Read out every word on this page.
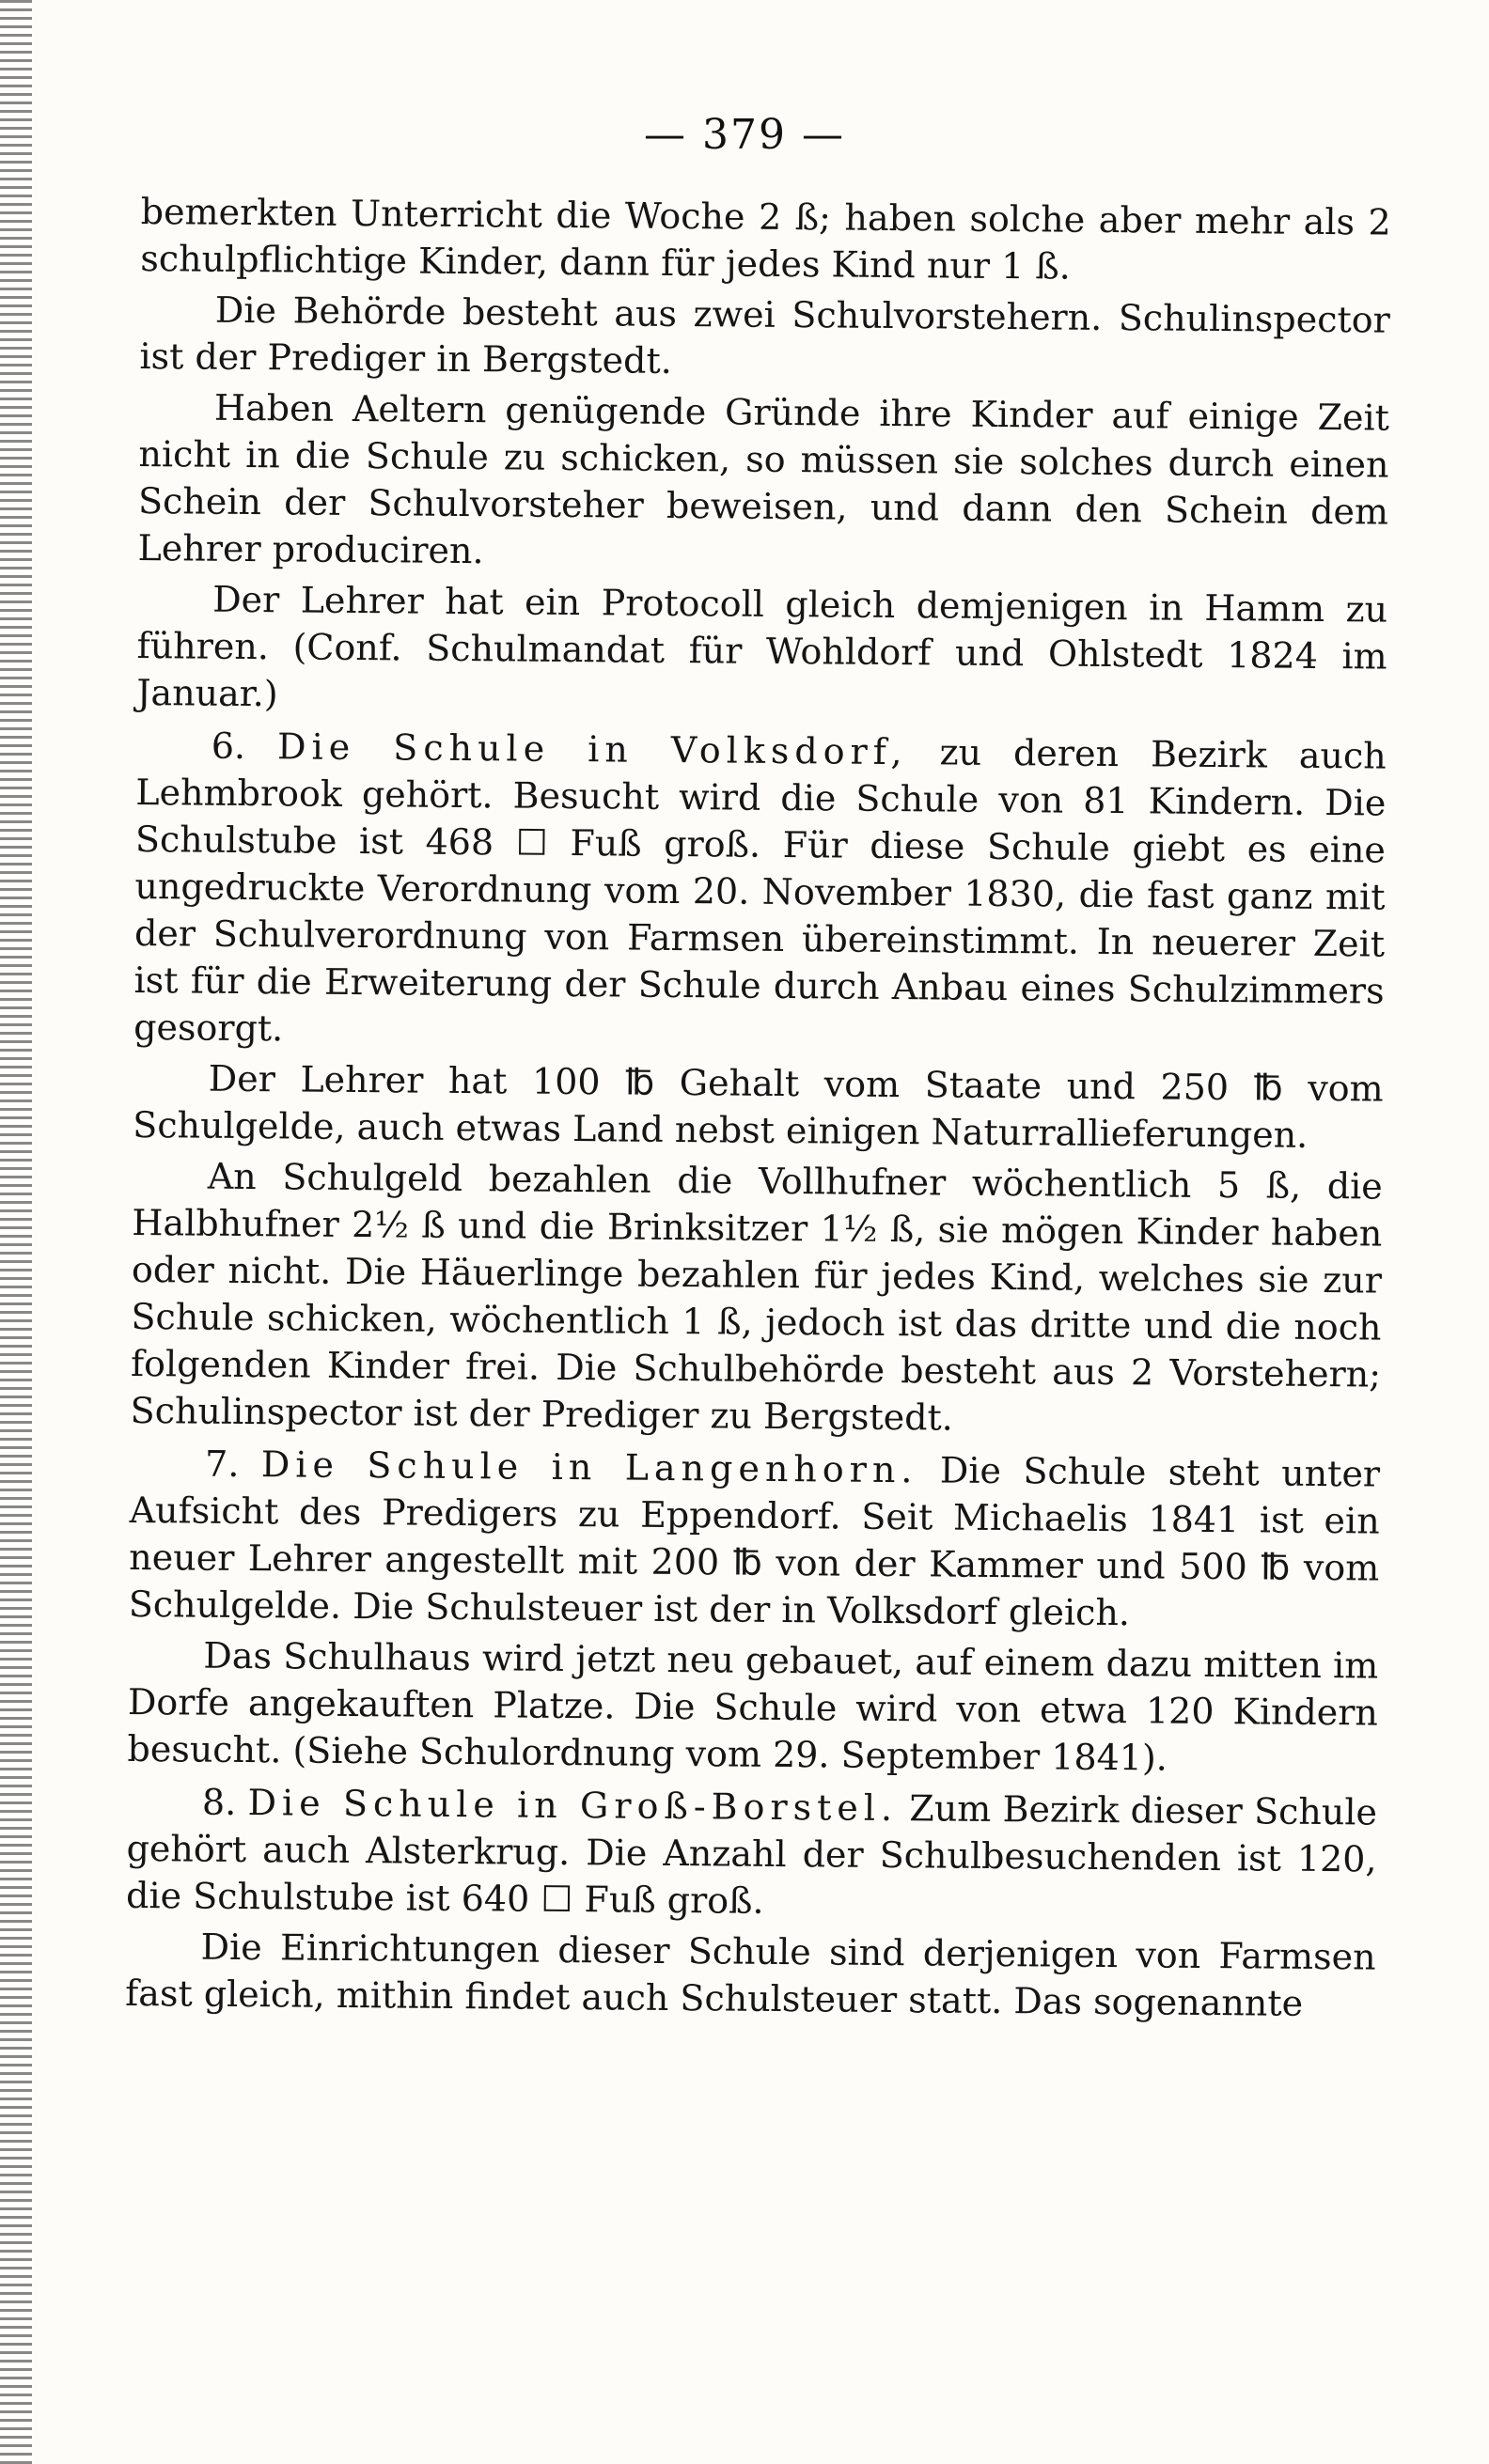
— 379 —

bemerkten Unterricht die Woche 2 ß; haben solche aber mehr als 2 schulpflichtige Kinder, dann für jedes Kind nur 1 ß.

Die Behörde besteht aus zwei Schulvorstehern. Schulinspector ist der Prediger in Bergstedt.

Haben Aeltern genügende Gründe ihre Kinder auf einige Zeit nicht in die Schule zu schicken, so müssen sie solches durch einen Schein der Schulvorsteher beweisen, und dann den Schein dem Lehrer produciren.

Der Lehrer hat ein Protocoll gleich demjenigen in Hamm zu führen. (Conf. Schulmandat für Wohldorf und Ohlstedt 1824 im Januar.)

6. Die Schule in Volksdorf, zu deren Bezirk auch Lehmbrook gehört. Besucht wird die Schule von 81 Kindern. Die Schulstube ist 468 ☐ Fuß groß. Für diese Schule giebt es eine ungedruckte Verordnung vom 20. November 1830, die fast ganz mit der Schulverordnung von Farmsen übereinstimmt. In neuerer Zeit ist für die Erweiterung der Schule durch Anbau eines Schulzimmers gesorgt.

Der Lehrer hat 100 ℔ Gehalt vom Staate und 250 ℔ vom Schulgelde, auch etwas Land nebst einigen Naturrallieferungen.

An Schulgeld bezahlen die Vollhufner wöchentlich 5 ß, die Halbhufner 2½ ß und die Brinksitzer 1½ ß, sie mögen Kinder haben oder nicht. Die Häuerlinge bezahlen für jedes Kind, welches sie zur Schule schicken, wöchentlich 1 ß, jedoch ist das dritte und die noch folgenden Kinder frei. Die Schulbehörde besteht aus 2 Vorstehern; Schulinspector ist der Prediger zu Bergstedt.

7. Die Schule in Langenhorn. Die Schule steht unter Aufsicht des Predigers zu Eppendorf. Seit Michaelis 1841 ist ein neuer Lehrer angestellt mit 200 ℔ von der Kammer und 500 ℔ vom Schulgelde. Die Schulsteuer ist der in Volksdorf gleich.

Das Schulhaus wird jetzt neu gebauet, auf einem dazu mitten im Dorfe angekauften Platze. Die Schule wird von etwa 120 Kindern besucht. (Siehe Schulordnung vom 29. September 1841).

8. Die Schule in Groß-Borstel. Zum Bezirk dieser Schule gehört auch Alsterkrug. Die Anzahl der Schulbesuchenden ist 120, die Schulstube ist 640 ☐ Fuß groß.

Die Einrichtungen dieser Schule sind derjenigen von Farmsen fast gleich, mithin findet auch Schulsteuer statt. Das sogenannte
